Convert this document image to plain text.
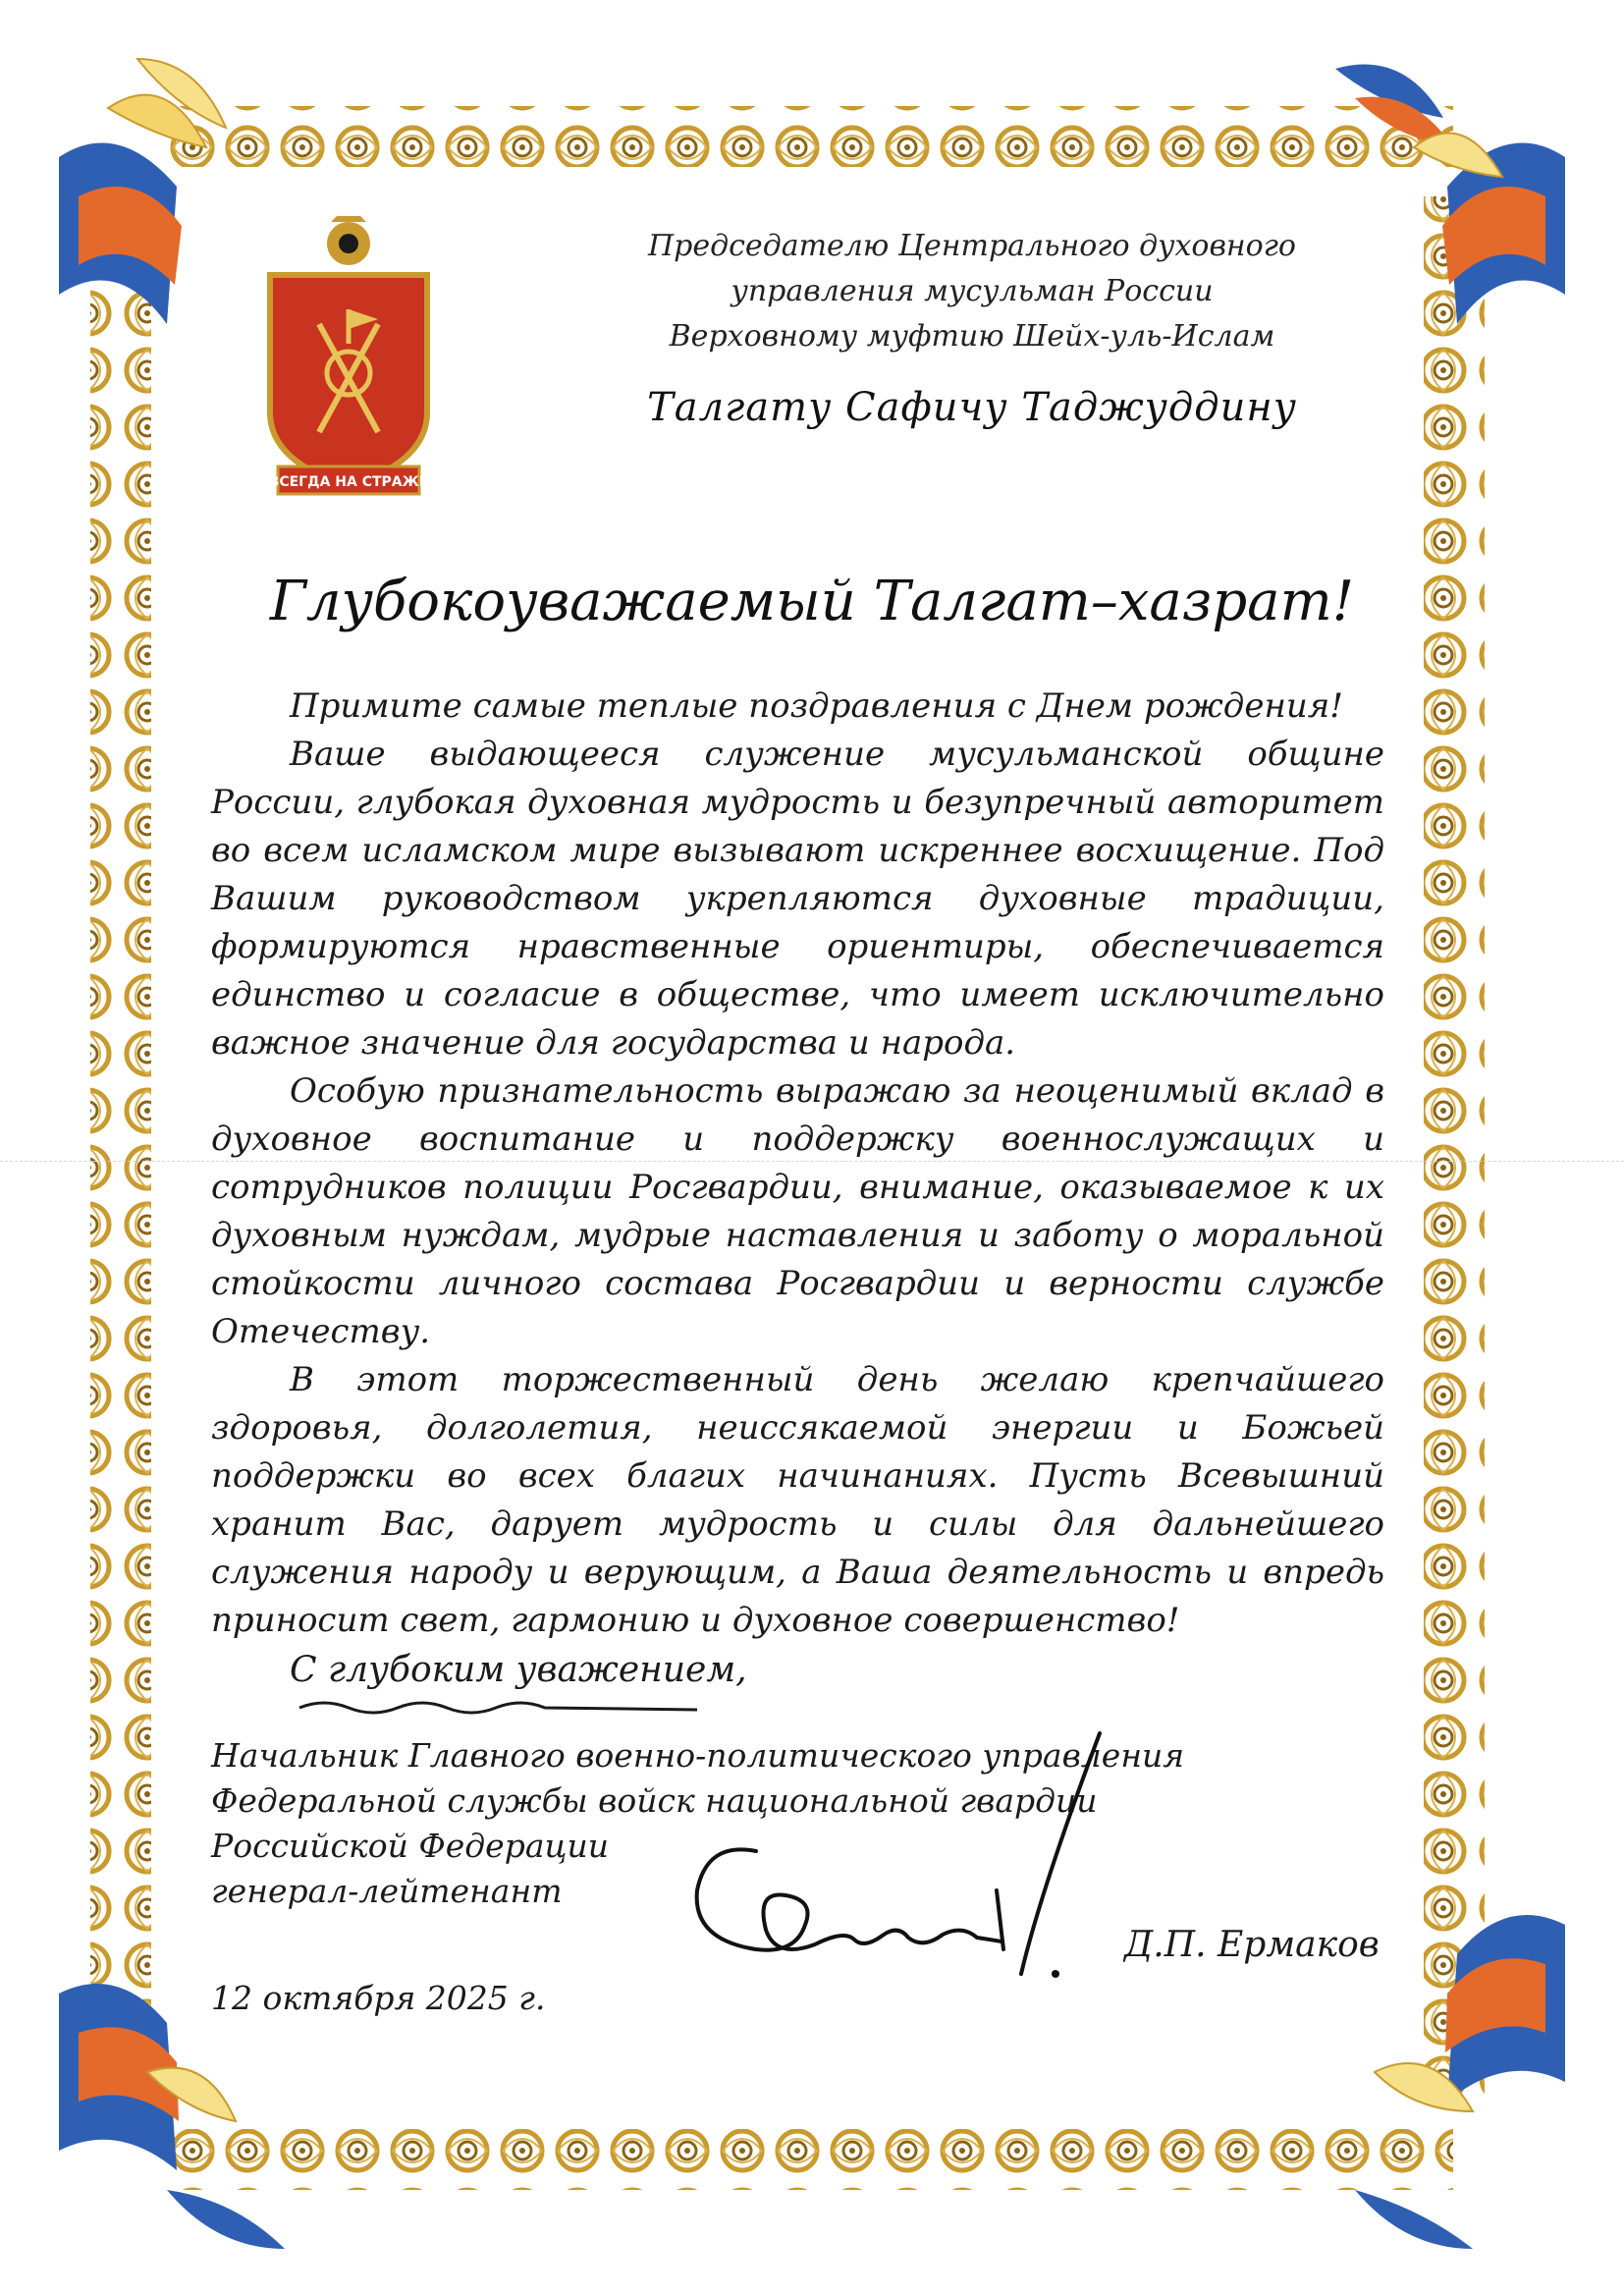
ВСЕГДА НА СТРАЖЕ
Председателю Центрального духовного
управления мусульман России
Верховному муфтию Шейх-уль-Ислам
Талгату Сафичу Таджуддину
Глубокоуважаемый Талгат–хазрат!

Примите самые теплые поздравления с Днем рождения!

Ваше выдающееся служение мусульманской общине России, глубокая духовная мудрость и безупречный авторитет во всем исламском мире вызывают искреннее восхищение. Под Вашим руководством укрепляются духовные традиции, формируются нравственные ориентиры, обеспечивается единство и согласие в обществе, что имеет исключительно важное значение для государства и народа.

Особую признательность выражаю за неоценимый вклад в духовное воспитание и поддержку военнослужащих и сотрудников полиции Росгвардии, внимание, оказываемое к их духовным нуждам, мудрые наставления и заботу о моральной стойкости личного состава Росгвардии и верности службе Отечеству.

В этот торжественный день желаю крепчайшего здоровья, долголетия, неиссякаемой энергии и Божьей поддержки во всех благих начинаниях. Пусть Всевышний хранит Вас, дарует мудрость и силы для дальнейшего служения народу и верующим, а Ваша деятельность и впредь приносит свет, гармонию и духовное совершенство!

С глубоким уважением,
Начальник Главного военно-политического управления
Федеральной службы войск национальной гвардии
Российской Федерации
генерал-лейтенант
Д.П. Ермаков
12 октября 2025 г.
